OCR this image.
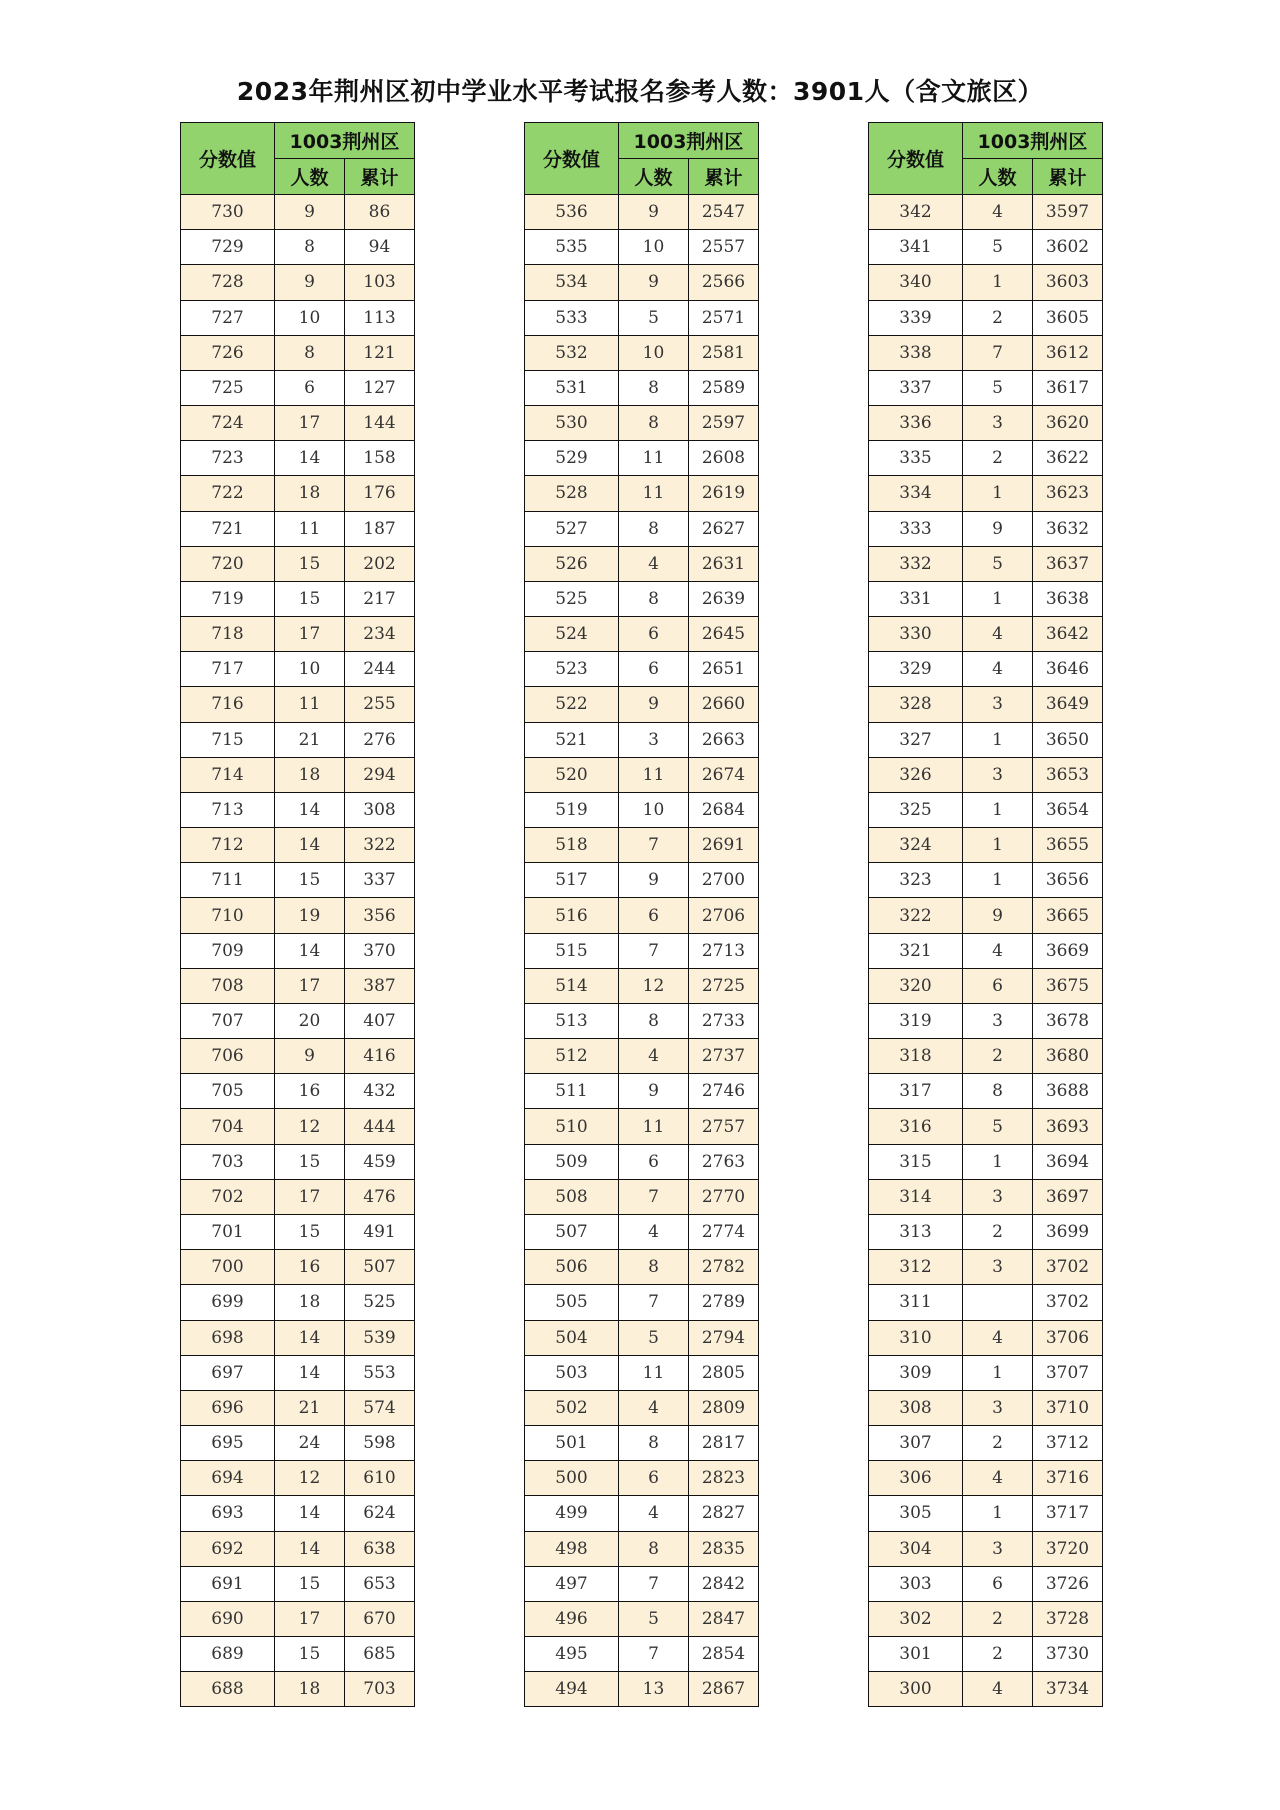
2023年荆州区初中学业水平考试报名参考人数：3901人（含文旅区）
分数值	1003荆州区	
	人数	累计
730	9	86
729	8	94
728	9	103
727	10	113
726	8	121
725	6	127
724	17	144
723	14	158
722	18	176
721	11	187
720	15	202
719	15	217
718	17	234
717	10	244
716	11	255
715	21	276
714	18	294
713	14	308
712	14	322
711	15	337
710	19	356
709	14	370
708	17	387
707	20	407
706	9	416
705	16	432
704	12	444
703	15	459
702	17	476
701	15	491
700	16	507
699	18	525
698	14	539
697	14	553
696	21	574
695	24	598
694	12	610
693	14	624
692	14	638
691	15	653
690	17	670
689	15	685
688	18	703
分数值	1003荆州区	
	人数	累计
536	9	2547
535	10	2557
534	9	2566
533	5	2571
532	10	2581
531	8	2589
530	8	2597
529	11	2608
528	11	2619
527	8	2627
526	4	2631
525	8	2639
524	6	2645
523	6	2651
522	9	2660
521	3	2663
520	11	2674
519	10	2684
518	7	2691
517	9	2700
516	6	2706
515	7	2713
514	12	2725
513	8	2733
512	4	2737
511	9	2746
510	11	2757
509	6	2763
508	7	2770
507	4	2774
506	8	2782
505	7	2789
504	5	2794
503	11	2805
502	4	2809
501	8	2817
500	6	2823
499	4	2827
498	8	2835
497	7	2842
496	5	2847
495	7	2854
494	13	2867
分数值	1003荆州区	
	人数	累计
342	4	3597
341	5	3602
340	1	3603
339	2	3605
338	7	3612
337	5	3617
336	3	3620
335	2	3622
334	1	3623
333	9	3632
332	5	3637
331	1	3638
330	4	3642
329	4	3646
328	3	3649
327	1	3650
326	3	3653
325	1	3654
324	1	3655
323	1	3656
322	9	3665
321	4	3669
320	6	3675
319	3	3678
318	2	3680
317	8	3688
316	5	3693
315	1	3694
314	3	3697
313	2	3699
312	3	3702
311		3702
310	4	3706
309	1	3707
308	3	3710
307	2	3712
306	4	3716
305	1	3717
304	3	3720
303	6	3726
302	2	3728
301	2	3730
300	4	3734
